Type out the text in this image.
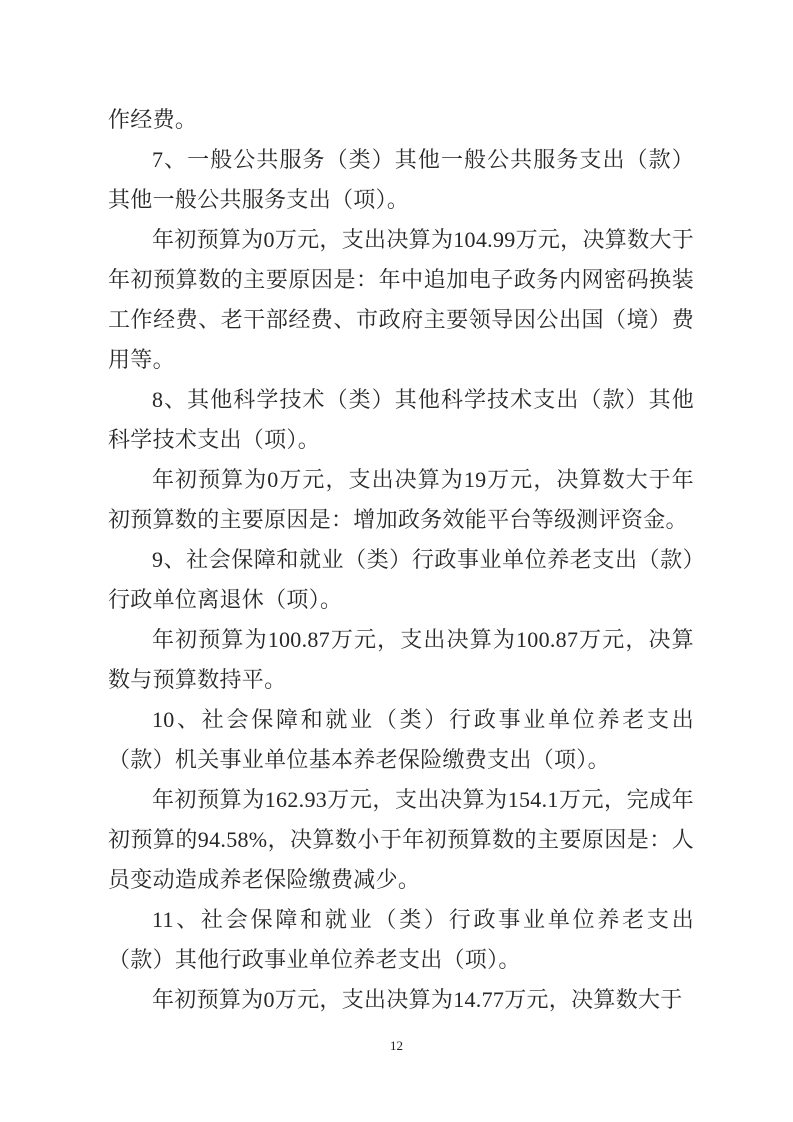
作经费。

7、一般公共服务（类）其他一般公共服务支出（款）其他一般公共服务支出（项）。

年初预算为0万元，支出决算为104.99万元，决算数大于年初预算数的主要原因是：年中追加电子政务内网密码换装工作经费、老干部经费、市政府主要领导因公出国（境）费用等。

8、其他科学技术（类）其他科学技术支出（款）其他科学技术支出（项）。

年初预算为0万元，支出决算为19万元，决算数大于年初预算数的主要原因是：增加政务效能平台等级测评资金。

9、社会保障和就业（类）行政事业单位养老支出（款）行政单位离退休（项）。

年初预算为100.87万元，支出决算为100.87万元，决算数与预算数持平。

10、社会保障和就业（类）行政事业单位养老支出（款）机关事业单位基本养老保险缴费支出（项）。

年初预算为162.93万元，支出决算为154.1万元，完成年初预算的94.58%，决算数小于年初预算数的主要原因是：人员变动造成养老保险缴费减少。

11、社会保障和就业（类）行政事业单位养老支出（款）其他行政事业单位养老支出（项）。

年初预算为0万元，支出决算为14.77万元，决算数大于

12
